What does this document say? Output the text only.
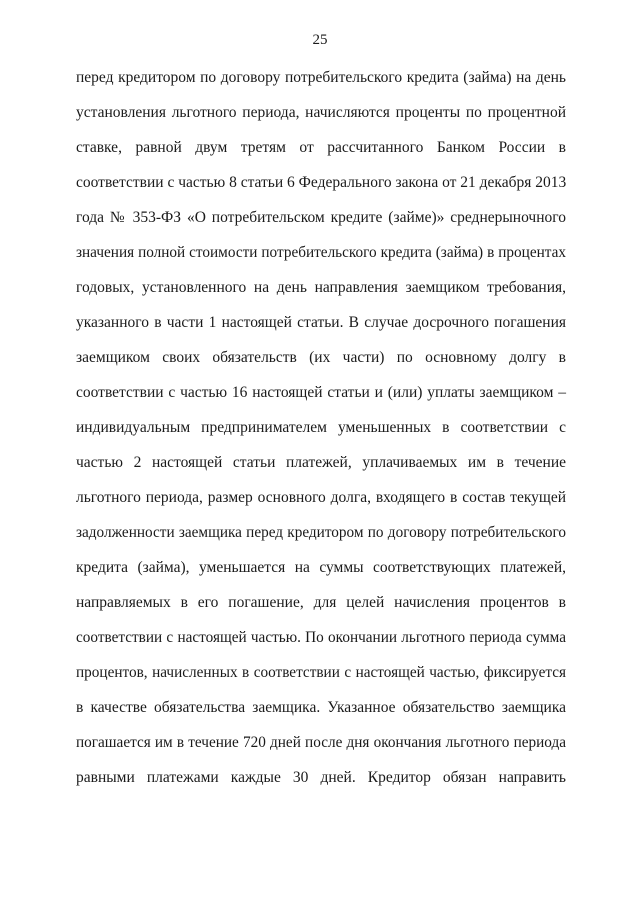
25
перед кредитором по договору потребительского кредита (займа) на день
установления льготного периода, начисляются проценты по процентной
ставке, равной двум третям от рассчитанного Банком России в
соответствии с частью 8 статьи 6 Федерального закона от 21 декабря 2013
года № 353-ФЗ «О потребительском кредите (займе)» среднерыночного
значения полной стоимости потребительского кредита (займа) в процентах
годовых, установленного на день направления заемщиком требования,
указанного в части 1 настоящей статьи. В случае досрочного погашения
заемщиком своих обязательств (их части) по основному долгу в
соответствии с частью 16 настоящей статьи и (или) уплаты заемщиком –
индивидуальным предпринимателем уменьшенных в соответствии с
частью 2 настоящей статьи платежей, уплачиваемых им в течение
льготного периода, размер основного долга, входящего в состав текущей
задолженности заемщика перед кредитором по договору потребительского
кредита (займа), уменьшается на суммы соответствующих платежей,
направляемых в его погашение, для целей начисления процентов в
соответствии с настоящей частью. По окончании льготного периода сумма
процентов, начисленных в соответствии с настоящей частью, фиксируется
в качестве обязательства заемщика. Указанное обязательство заемщика
погашается им в течение 720 дней после дня окончания льготного периода
равными платежами каждые 30 дней. Кредитор обязан направить
